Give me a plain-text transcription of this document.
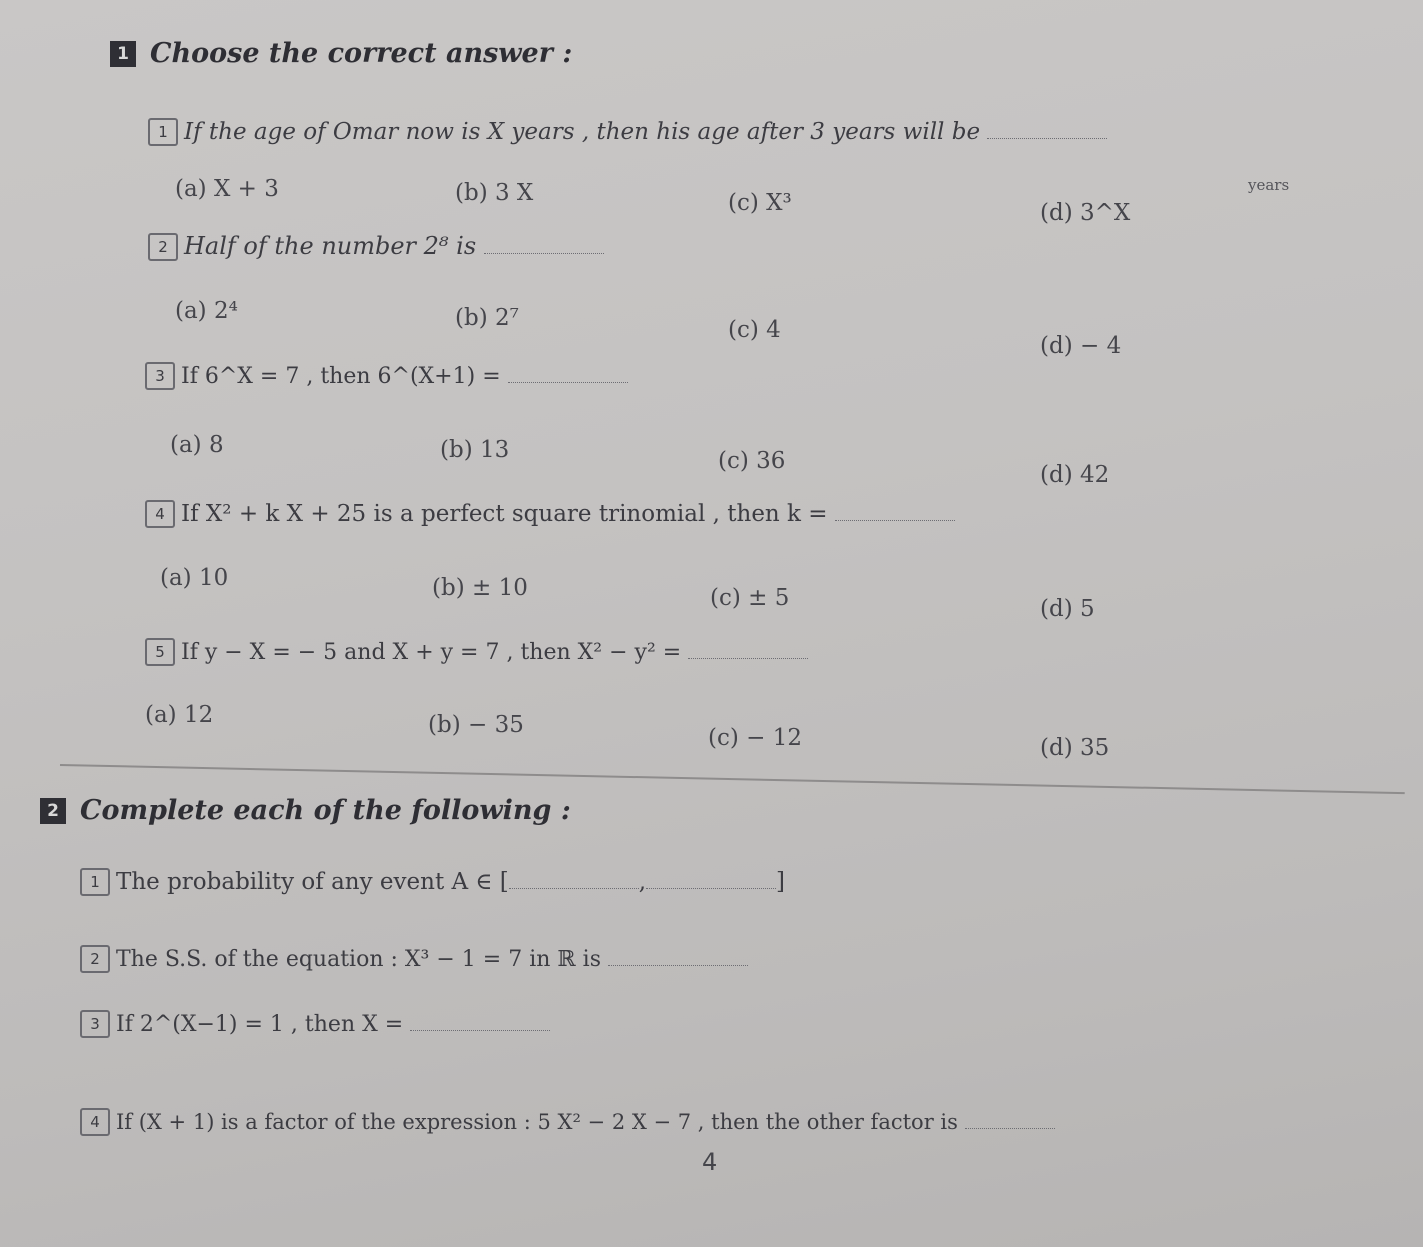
1 Choose the correct answer :
1 If the age of Omar now is X years , then his age after 3 years will be
years
(a) X + 3	(b) 3 X	(c) X³	(d) 3^X
2 Half of the number 2⁸ is
(a) 2⁴	(b) 2⁷	(c) 4
(d) − 4
3 If 6^X = 7 , then 6^(X+1) =
(a) 8	(b) 13	(c) 36
(d) 42
4 If X² + k X + 25 is a perfect square trinomial , then k =
(a) 10	(b) ± 10	(c) ± 5	(d) 5
5 If y − X = − 5 and X + y = 7 , then X² − y² =
(a) 12	(b) − 35	(c) − 12	(d) 35
2 Complete each of the following :
1 The probability of any event A ∈ [	,	]
2 The S.S. of the equation : X³ − 1 = 7 in ℝ is
3 If 2^(X−1) = 1 , then X =
4 If (X + 1) is a factor of the expression : 5 X² − 2 X − 7 , then the other factor is
4
